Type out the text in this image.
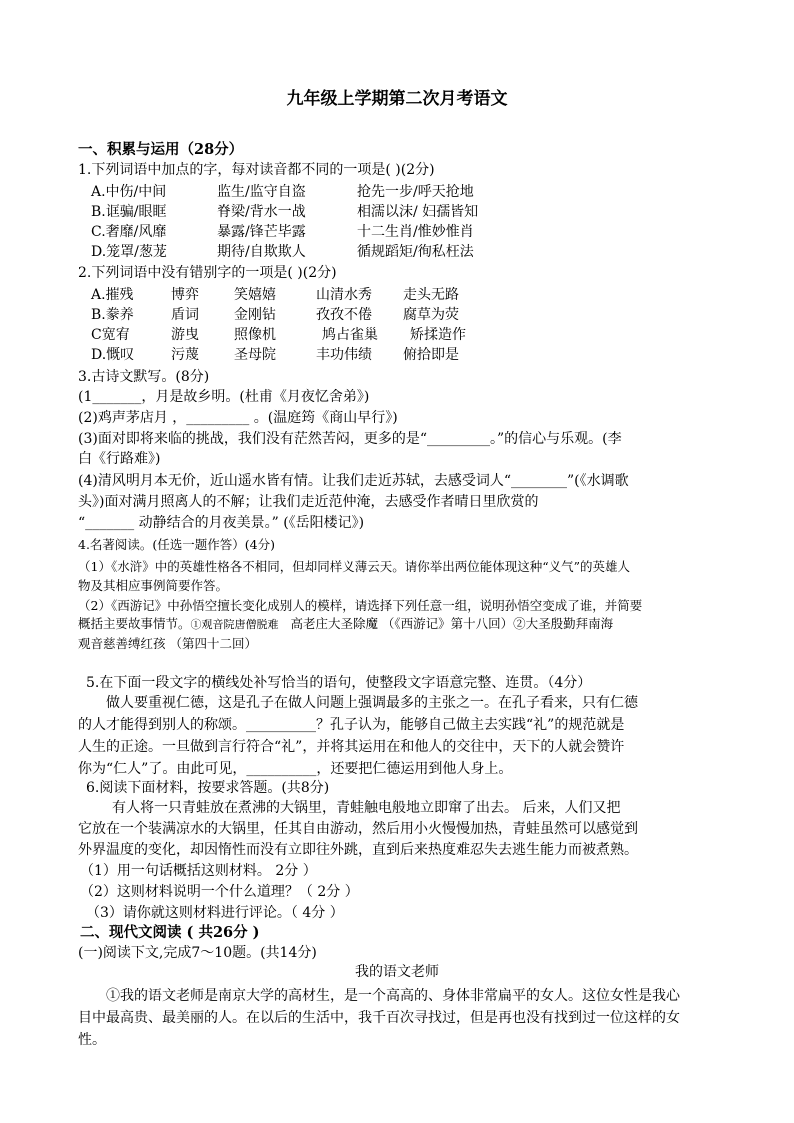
九年级上学期第二次月考语文
一、积累与运用（28分）
1.下列词语中加点的字，每对读音都不同的一项是( )(2分)
A.中伤/中间	监生/监守自盗	抢先一步/呼天抢地
B.诓骗/眼眶	脊梁/背水一战	相濡以沫/ 妇孺皆知
C.奢靡/风靡	暴露/锋芒毕露	十二生肖/惟妙惟肖
D.笼罩/葱茏	期待/自欺欺人	循规蹈矩/徇私枉法
2.下列词语中没有错别字的一项是( )(2分)
A.摧残	博弈	笑嬉嬉	山清水秀 走头无路
B.豢养	盾词	金刚钻	孜孜不倦 腐草为荧
C宽宥	游曳	照像机	鸠占雀巢 矫揉造作
D.慨叹	污蔑	圣母院	丰功伟绩 俯拾即是
3.古诗文默写。(8分)
(1_______，月是故乡明。(杜甫《月夜忆舍弟》)
(2)鸡声茅店月 ，_________ 。(温庭筠《商山早行》)
(3)面对即将来临的挑战，我们没有茫然苦闷，更多的是“_________。”的信心与乐观。(李
白《行路难》)
(4)清风明月本无价，近山遥水皆有情。让我们走近苏轼，去感受词人“________”(《水调歌
头》)面对满月照离人的不解；让我们走近范仲淹，去感受作者晴日里欣赏的
“_______ 动静结合的月夜美景。” (《岳阳楼记》)
4.名著阅读。(任选一题作答）(4分)
（1）《水浒》中的英雄性格各不相同，但却同样义薄云天。请你举出两位能体现这种“义气”的英雄人
物及其相应事例简要作答。
（2）《西游记》中孙悟空擅长变化成别人的模样，请选择下列任意一组，说明孙悟空变成了谁，并简要
概括主要故事情节。①观音院唐僧脱难 高老庄大圣除魔 （《西游记》第十八回）②大圣殷勤拜南海
观音慈善缚红孩 （第四十二回）
5.在下面一段文字的横线处补写恰当的语句，使整段文字语意完整、连贯。（4分）
做人要重视仁德，这是孔子在做人问题上强调最多的主张之一。在孔子看来，只有仁德
的人才能得到别人的称颂。__________？孔子认为，能够自己做主去实践“礼”的规范就是
人生的正途。一旦做到言行符合“礼”，并将其运用在和他人的交往中，天下的人就会赞许
你为“仁人”了。由此可见，__________，还要把仁德运用到他人身上。
6.阅读下面材料，按要求答题。(共8分)
有人将一只青蛙放在煮沸的大锅里，青蛙触电般地立即窜了出去。 后来，人们又把
它放在一个装满凉水的大锅里，任其自由游动，然后用小火慢慢加热，青蛙虽然可以感觉到
外界温度的变化，却因惰性而没有立即往外跳，直到后来热度难忍失去逃生能力而被煮熟。
（1）用一句话概括这则材料。 2分 ）
（2）这则材料说明一个什么道理？（ 2分 ）
（3）请你就这则材料进行评论。（ 4分 ）
二、现代文阅读 ( 共26分 )
(一)阅读下文,完成7～10题。(共14分)
我的语文老师
①我的语文老师是南京大学的高材生，是一个高高的、身体非常扁平的女人。这位女性是我心
目中最高贵、最美丽的人。在以后的生活中，我千百次寻找过，但是再也没有找到过一位这样的女
性。
